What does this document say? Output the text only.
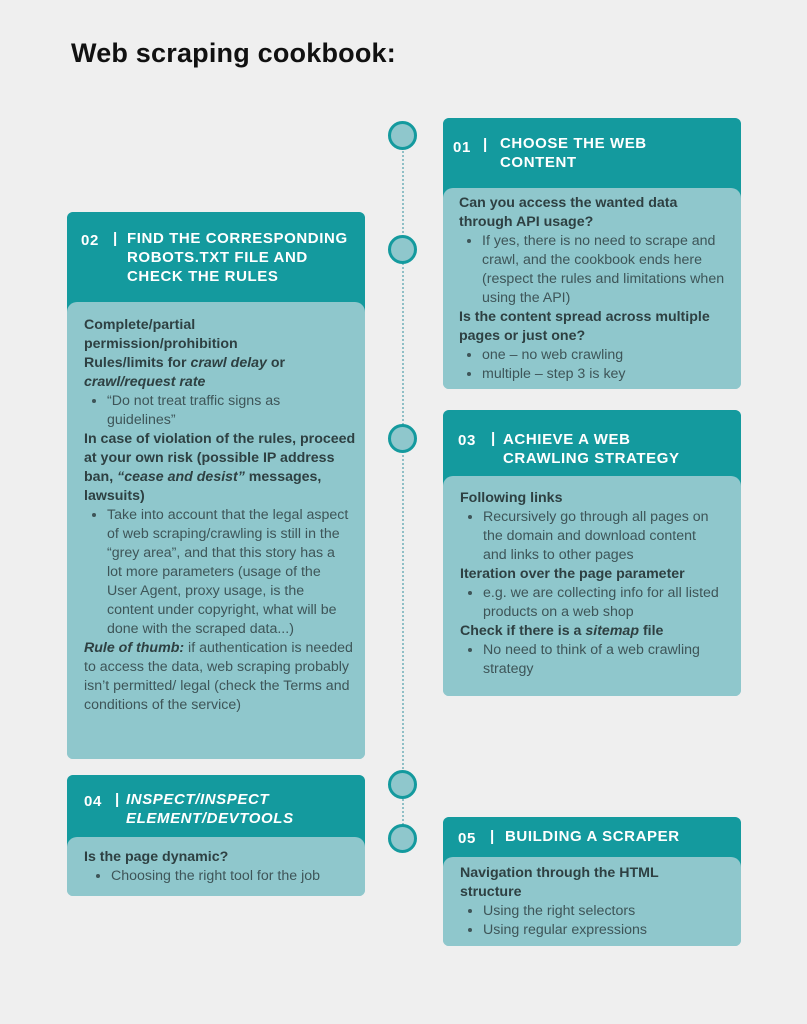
Web scraping cookbook:
01 | CHOOSE THE WEB
CONTENT

Can you access the wanted data
through API usage?

• If yes, there is no need to scrape and crawl, and the cookbook ends here (respect the rules and limitations when using the API)

Is the content spread across multiple
pages or just one?

• one – no web crawling
• multiple – step 3 is key
02 | FIND THE CORRESPONDING
ROBOTS.TXT FILE AND
CHECK THE RULES

Complete/partial
permission/prohibition

Rules/limits for crawl delay or
crawl/request rate

• “Do not treat traffic signs as guidelines”

In case of violation of the rules, proceed at your own risk (possible IP address ban, “cease and desist” messages, lawsuits)

• Take into account that the legal aspect of web scraping/crawling is still in the “grey area”, and that this story has a lot more parameters (usage of the User Agent, proxy usage, is the content under copyright, what will be done with the scraped data...)

Rule of thumb: if authentication is needed to access the data, web scraping probably isn’t permitted/ legal (check the Terms and conditions of the service)

03 | ACHIEVE A WEB
CRAWLING STRATEGY

Following links

• Recursively go through all pages on the domain and download content and links to other pages

Iteration over the page parameter

• e.g. we are collecting info for all listed products on a web shop

Check if there is a sitemap file

• No need to think of a web crawling strategy
04 | INSPECT/INSPECT
ELEMENT/DEVTOOLS

Is the page dynamic?

• Choosing the right tool for the job
05 | BUILDING A SCRAPER

Navigation through the HTML
structure

• Using the right selectors
• Using regular expressions
